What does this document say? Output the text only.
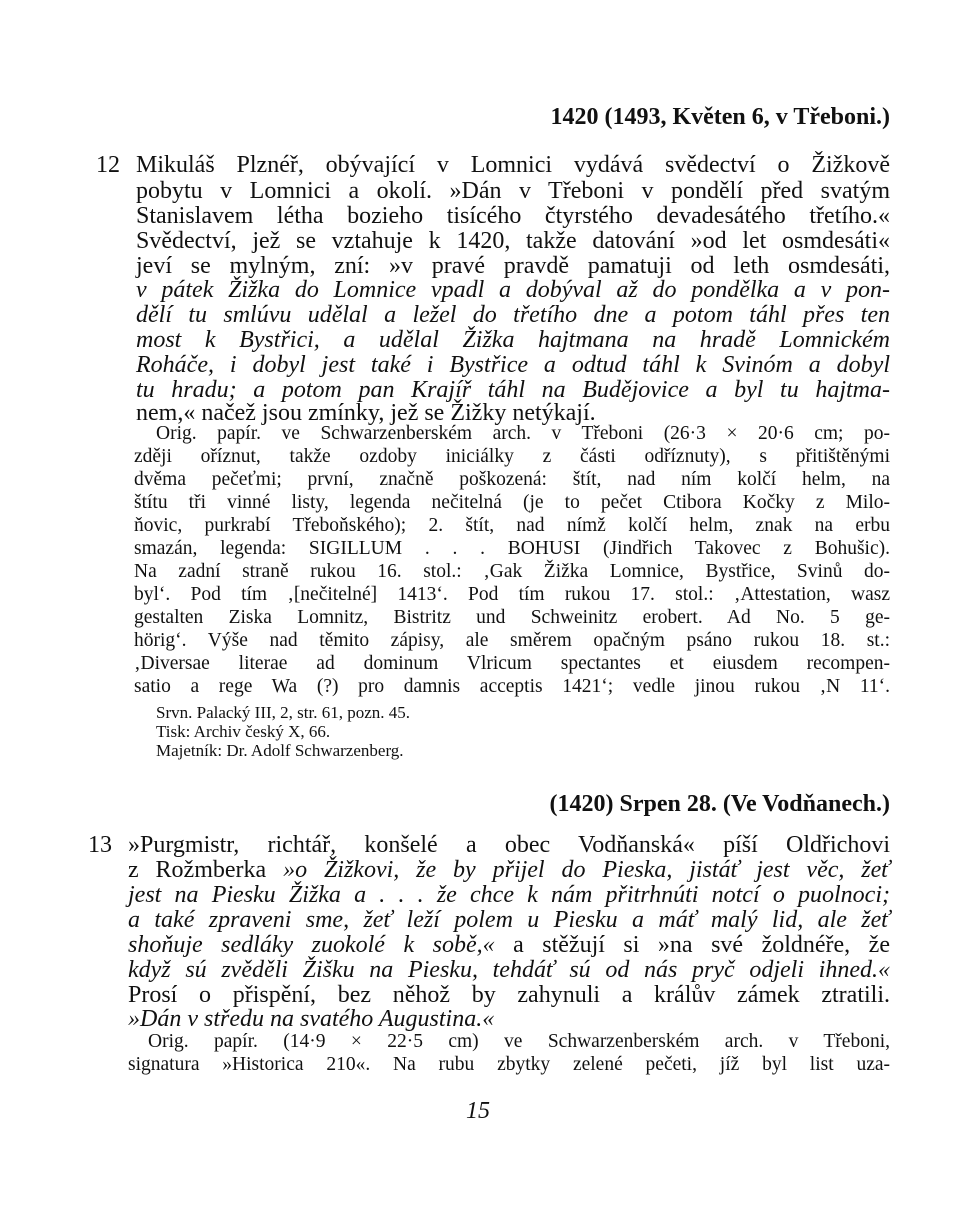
1420 (1493, Květen 6, v Třeboni.)
12 Mikuláš Plznéř, obývající v Lomnici vydává svědectví o Žižkově
pobytu v Lomnici a okolí. »Dán v Třeboni v pondělí před svatým
Stanislavem létha bozieho tisícého čtyrstého devadesátého třetího.«
Svědectví, jež se vztahuje k 1420, takže datování »od let osmdesáti«
jeví se mylným, zní: »v pravé pravdě pamatuji od leth osmdesáti,
v pátek Žižka do Lomnice vpadl a dobýval až do pondělka a v pon-
dělí tu smlúvu udělal a ležel do třetího dne a potom táhl přes ten
most k Bystřici, a udělal Žižka hajtmana na hradě Lomnickém
Roháče, i dobyl jest také i Bystřice a odtud táhl k Svinóm a dobyl
tu hradu; a potom pan Krajíř táhl na Budějovice a byl tu hajtma-
nem,« načež jsou zmínky, jež se Žižky netýkají.
Orig. papír. ve Schwarzenberském arch. v Třeboni (26·3 × 20·6 cm; po-
zději oříznut, takže ozdoby iniciálky z části odříznuty), s přitištěnými
dvěma pečeťmi; první, značně poškozená: štít, nad ním kolčí helm, na
štítu tři vinné listy, legenda nečitelná (je to pečet Ctibora Kočky z Milo-
ňovic, purkrabí Třeboňského); 2. štít, nad nímž kolčí helm, znak na erbu
smazán, legenda: SIGILLUM . . . BOHUSI (Jindřich Takovec z Bohušic).
Na zadní straně rukou 16. stol.: ‚Gak Žižka Lomnice, Bystřice, Svinů do-
byl‘. Pod tím ‚[nečitelné] 1413‘. Pod tím rukou 17. stol.: ‚Attestation, wasz
gestalten Ziska Lomnitz, Bistritz und Schweinitz erobert. Ad No. 5 ge-
hörig‘. Výše nad těmito zápisy, ale směrem opačným psáno rukou 18. st.:
‚Diversae literae ad dominum Vlricum spectantes et eiusdem recompen-
satio a rege Wa (?) pro damnis acceptis 1421‘; vedle jinou rukou ‚N 11‘.
Srvn. Palacký III, 2, str. 61, pozn. 45.
Tisk: Archiv český X, 66.
Majetník: Dr. Adolf Schwarzenberg.
(1420) Srpen 28. (Ve Vodňanech.)
13 »Purgmistr, richtář, konšelé a obec Vodňanská« píší Oldřichovi
z Rožmberka »o Žižkovi, že by přijel do Pieska, jistáť jest věc, žeť
jest na Piesku Žižka a . . . že chce k nám přitrhnúti notcí o puolnoci;
a také zpraveni sme, žeť leží polem u Piesku a máť malý lid, ale žeť
shoňuje sedláky zuokolé k sobě,« a stěžují si »na své žoldnéře, že
když sú zvěděli Žišku na Piesku, tehdáť sú od nás pryč odjeli ihned.«
Prosí o přispění, bez něhož by zahynuli a králův zámek ztratili.
»Dán v středu na svatého Augustina.«
Orig. papír. (14·9 × 22·5 cm) ve Schwarzenberském arch. v Třeboni,
signatura »Historica 210«. Na rubu zbytky zelené pečeti, jíž byl list uza-
15
